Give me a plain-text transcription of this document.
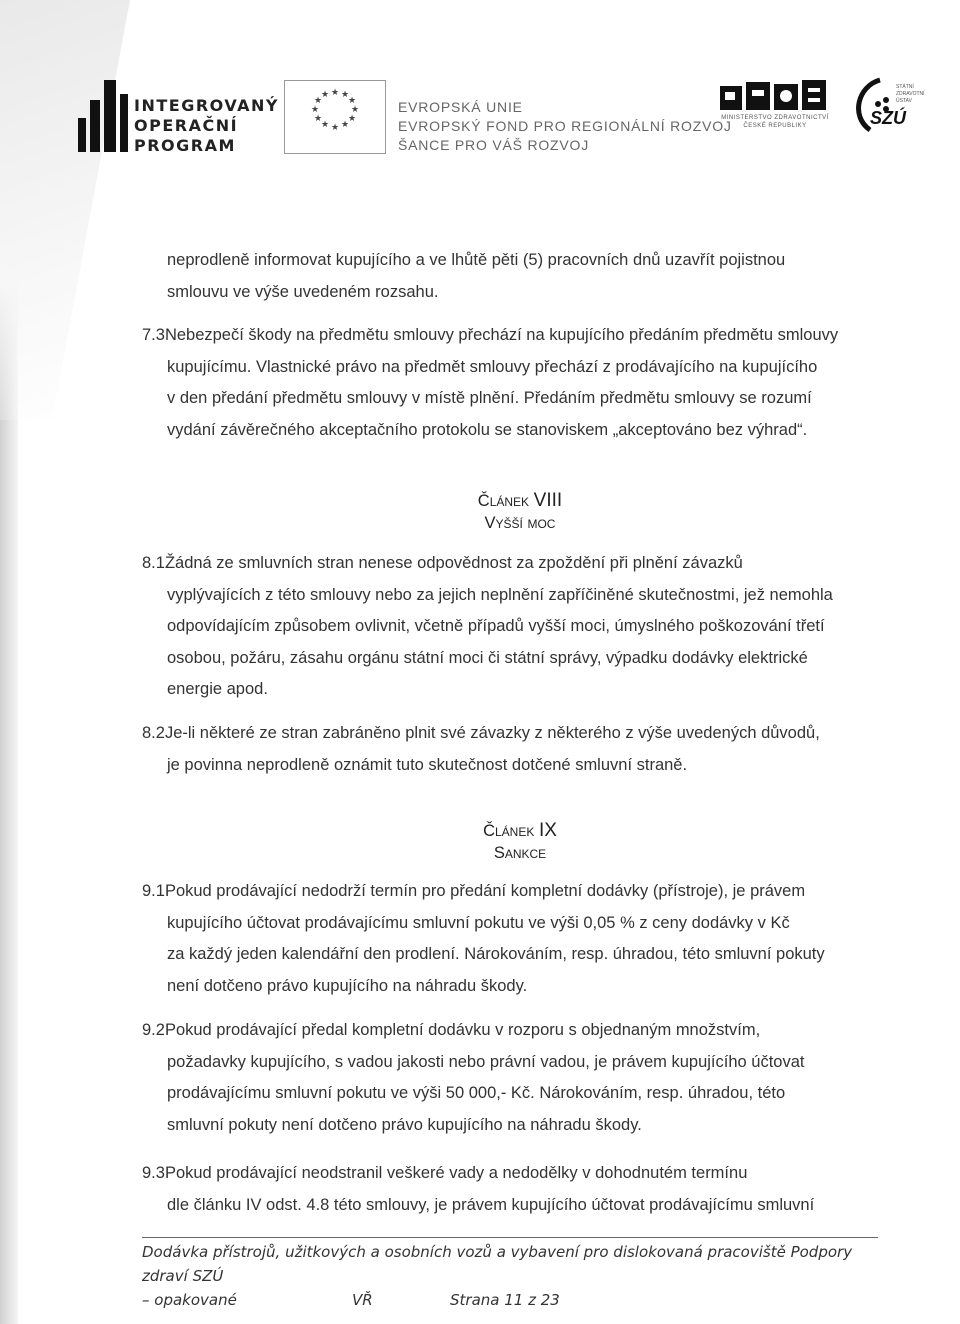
INTEGROVANÝ
OPERAČNÍ
PROGRAM
★ ★
★
★
★
★
★
★
★
★
★
★
EVROPSKÁ UNIE
EVROPSKÝ FOND PRO REGIONÁLNÍ ROZVOJ
ŠANCE PRO VÁŠ ROZVOJ
MINISTERSTVO ZDRAVOTNICTVÍ
ČESKÉ REPUBLIKY
STÁTNÍ
ZDRAVOTNÍ
ÚSTAV
SZÚ
neprodleně informovat kupujícího a ve lhůtě pěti (5) pracovních dnů uzavřít pojistnou
smlouvu ve výše uvedeném rozsahu.
7.3Nebezpečí škody na předmětu smlouvy přechází na kupujícího předáním předmětu smlouvy
kupujícímu. Vlastnické právo na předmět smlouvy přechází z prodávajícího na kupujícího
v den předání předmětu smlouvy v místě plnění. Předáním předmětu smlouvy se rozumí
vydání závěrečného akceptačního protokolu se stanoviskem „akceptováno bez výhrad“.
Článek VIII
Vyšší moc
8.1Žádná ze smluvních stran nenese odpovědnost za zpoždění při plnění závazků
vyplývajících z této smlouvy nebo za jejich neplnění zapříčiněné skutečnostmi, jež nemohla
odpovídajícím způsobem ovlivnit, včetně případů vyšší moci, úmyslného poškozování třetí
osobou, požáru, zásahu orgánu státní moci či státní správy, výpadku dodávky elektrické
energie apod.
8.2Je-li některé ze stran zabráněno plnit své závazky z některého z výše uvedených důvodů,
je povinna neprodleně oznámit tuto skutečnost dotčené smluvní straně.
Článek IX
Sankce
9.1Pokud prodávající nedodrží termín pro předání kompletní dodávky (přístroje), je právem
kupujícího účtovat prodávajícímu smluvní pokutu ve výši 0,05 % z ceny dodávky v Kč
za každý jeden kalendářní den prodlení. Nárokováním, resp. úhradou, této smluvní pokuty
není dotčeno právo kupujícího na náhradu škody.
9.2Pokud prodávající předal kompletní dodávku v rozporu s objednaným množstvím,
požadavky kupujícího, s vadou jakosti nebo právní vadou, je právem kupujícího účtovat
prodávajícímu smluvní pokutu ve výši 50 000,- Kč. Nárokováním, resp. úhradou, této
smluvní pokuty není dotčeno právo kupujícího na náhradu škody.
9.3Pokud prodávající neodstranil veškeré vady a nedodělky v dohodnutém termínu
dle článku IV odst. 4.8 této smlouvy, je právem kupujícího účtovat prodávajícímu smluvní
Dodávka přístrojů, užitkových a osobních vozů a vybavení pro dislokovaná pracoviště Podpory zdraví SZÚ
– opakované	VŘ	Strana 11 z 23
